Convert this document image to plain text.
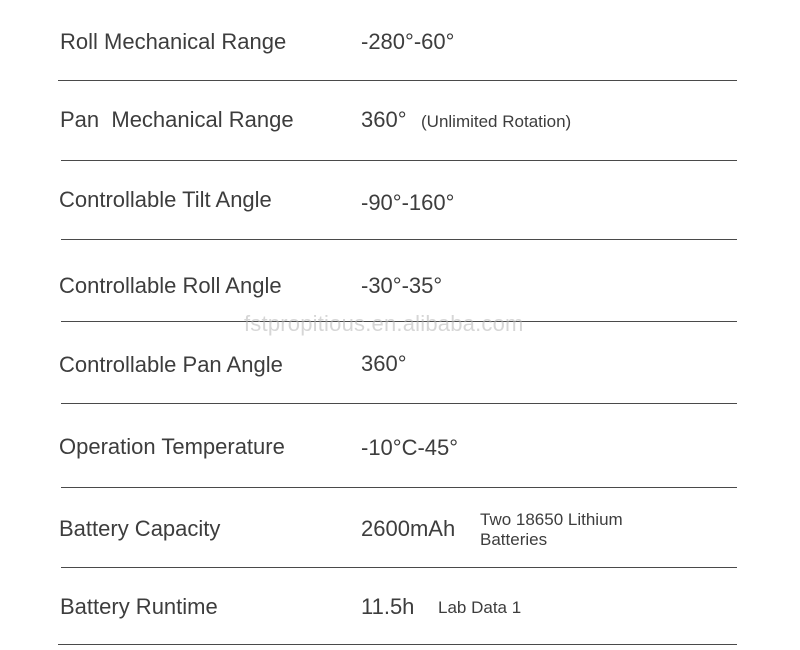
Roll Mechanical Range	-280°-60°
Pan  Mechanical Range	360° (Unlimited Rotation)
Controllable Tilt Angle	-90°-160°
Controllable Roll Angle	-30°-35°
Controllable Pan Angle	360°
Operation Temperature	-10°C-45°
Battery Capacity	2600mAh Two 18650 Lithium Batteries
Battery Runtime	11.5h Lab Data 1
fstpropitious.en.alibaba.com
